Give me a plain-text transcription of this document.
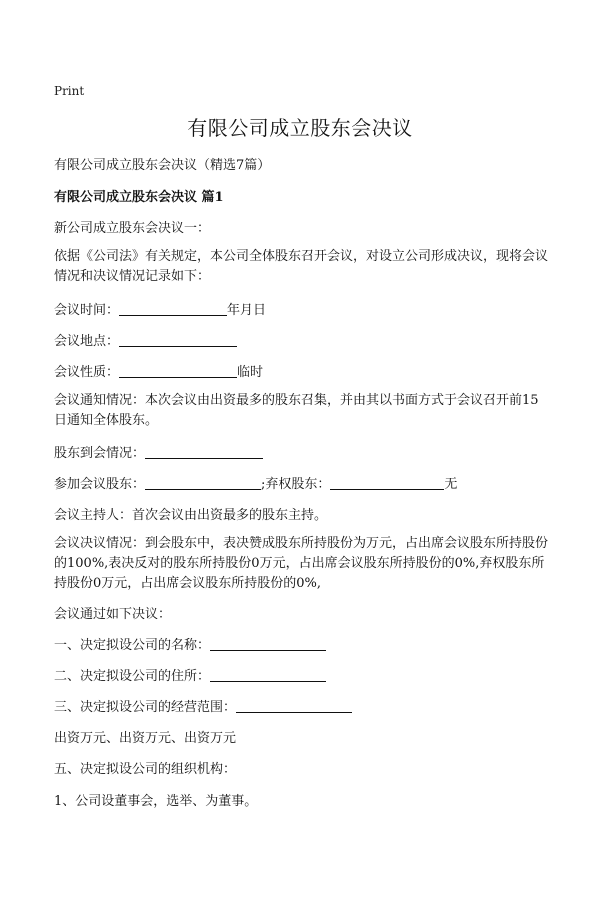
Print
有限公司成立股东会决议
有限公司成立股东会决议（精选7篇）
有限公司成立股东会决议 篇1
新公司成立股东会决议一：
依据《公司法》有关规定，本公司全体股东召开会议，对设立公司形成决议，现将会议情况和决议情况记录如下：
会议时间：	年月日
会议地点：
会议性质：	临时
会议通知情况：本次会议由出资最多的股东召集，并由其以书面方式于会议召开前15日通知全体股东。
股东到会情况：
参加会议股东：	;弃权股东：	无
会议主持人：首次会议由出资最多的股东主持。
会议决议情况：到会股东中，表决赞成股东所持股份为万元，占出席会议股东所持股份的100%,表决反对的股东所持股份0万元，占出席会议股东所持股份的0%,弃权股东所持股份0万元，占出席会议股东所持股份的0%,
会议通过如下决议：
一、决定拟设公司的名称：
二、决定拟设公司的住所：
三、决定拟设公司的经营范围：
出资万元、出资万元、出资万元
五、决定拟设公司的组织机构：
1、公司设董事会，选举、为董事。
